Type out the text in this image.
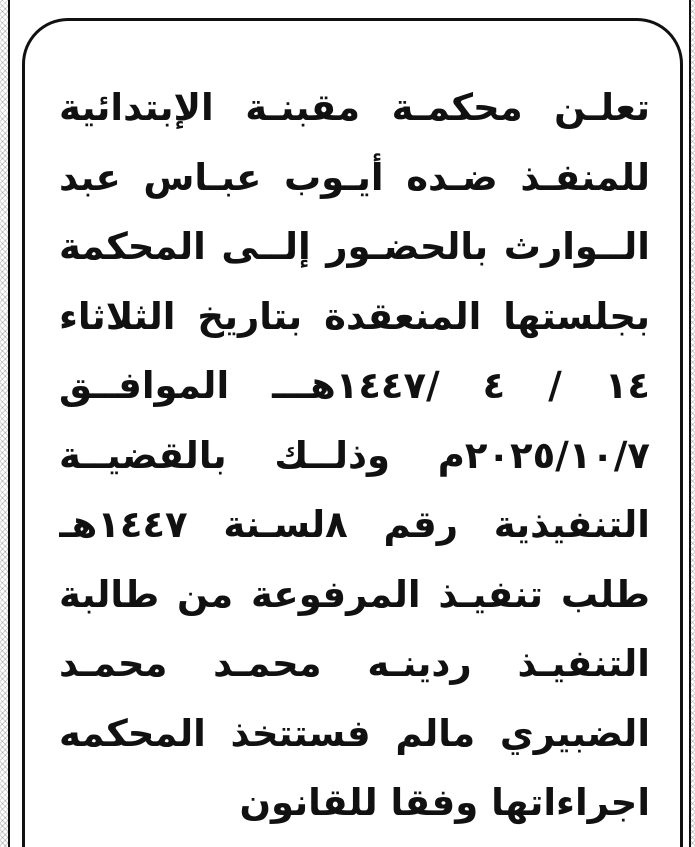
تعلـن محكمـة مقبنـة الإبتدائية
للمنفـذ ضـده أيـوب عبـاس عبد
الــوارث بالحضـور إلــى المحكمة
بجلستها المنعقدة بتاريخ الثلاثاء
١٤ / ٤ /١٤٤٧هـــ الموافــق
٢٠٢٥/١٠/٧م وذلــك بالقضيــة
التنفيذية رقم ٨لسـنة ١٤٤٧هـ
طلب تنفيـذ المرفوعة من طالبة
التنفيـذ ردينـه محمـد محمـد
الضبيري مالم فستتخذ المحكمه
اجراءاتها وفقا للقانون
